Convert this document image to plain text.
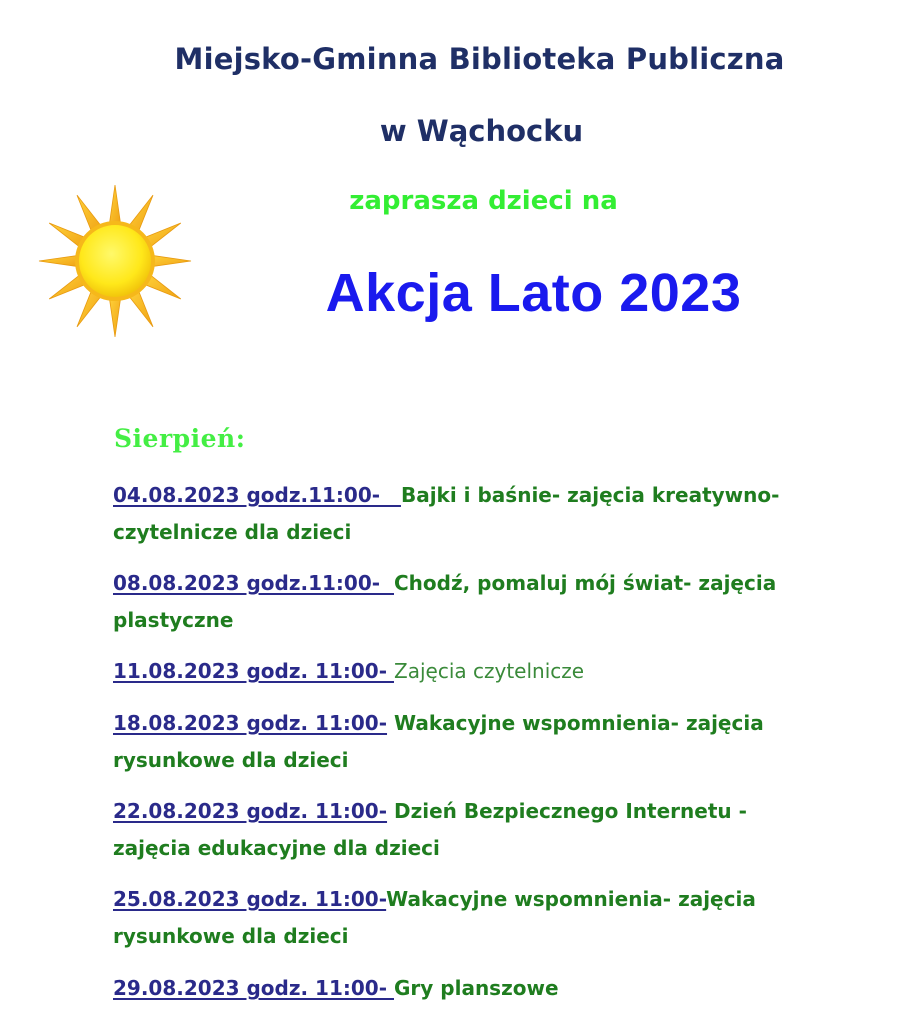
Miejsko-Gminna Biblioteka Publiczna
w Wąchocku
zaprasza dzieci na
Akcja Lato 2023
Sierpień:
04.08.2023 godz.11:00-   Bajki i baśnie- zajęcia kreatywno-czytelnicze dla dzieci
08.08.2023 godz.11:00-  Chodź, pomaluj mój świat- zajęcia plastyczne
11.08.2023 godz. 11:00- Zajęcia czytelnicze
18.08.2023 godz. 11:00- Wakacyjne wspomnienia- zajęcia rysunkowe dla dzieci
22.08.2023 godz. 11:00- Dzień Bezpiecznego Internetu - zajęcia edukacyjne dla dzieci
25.08.2023 godz. 11:00-Wakacyjne wspomnienia- zajęcia rysunkowe dla dzieci
29.08.2023 godz. 11:00- Gry planszowe
